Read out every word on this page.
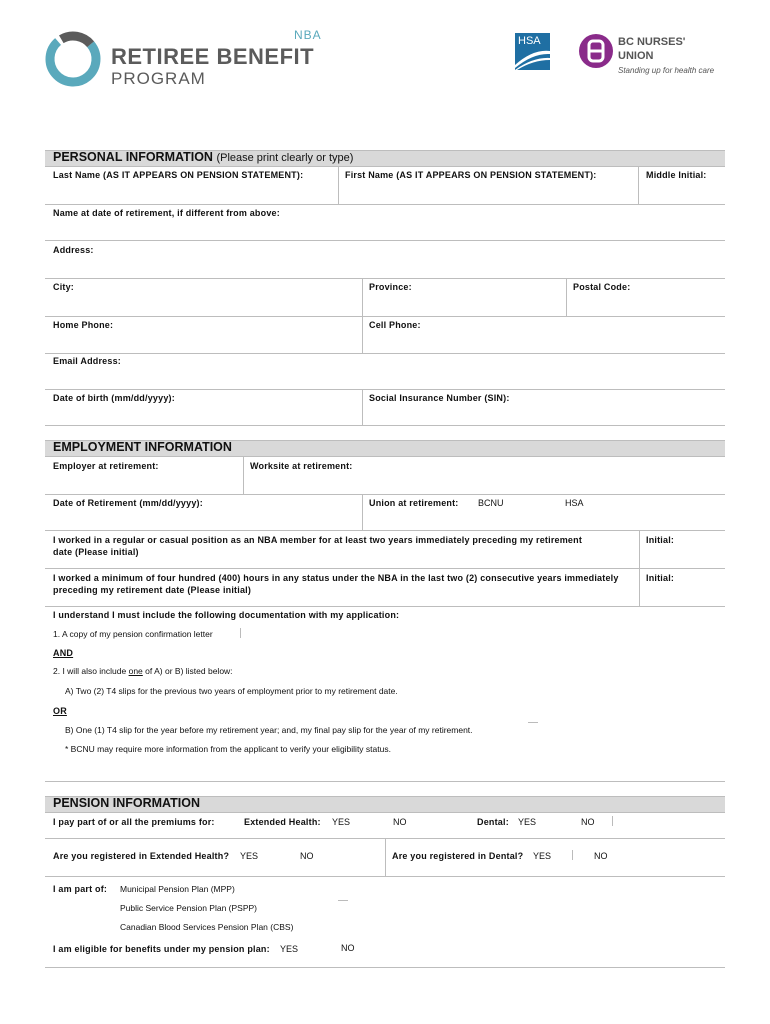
NBA
RETIREE BENEFIT
PROGRAM
HSA	BC NURSES'
UNION
Standing up for health care
PERSONAL INFORMATION (Please print clearly or type)
Last Name (AS IT APPEARS ON PENSION STATEMENT):	First Name (AS IT APPEARS ON PENSION STATEMENT):	Middle Initial:
Name at date of retirement, if different from above:
Address:
City:	Province:	Postal Code:
Home Phone:	Cell Phone:
Email Address:
Date of birth (mm/dd/yyyy):	Social Insurance Number (SIN):
EMPLOYMENT INFORMATION
Employer at retirement:	Worksite at retirement:
Date of Retirement (mm/dd/yyyy):	Union at retirement: BCNU	HSA
I worked in a regular or casual position as an NBA member for at least two years immediately preceding my retirement
date (Please initial)
Initial:
I worked a minimum of four hundred (400) hours in any status under the NBA in the last two (2) consecutive years immediately
preceding my retirement date (Please initial)
Initial:
I understand I must include the following documentation with my application:
1. A copy of my pension confirmation letter
AND
2. I will also include one of A) or B) listed below:
A) Two (2) T4 slips for the previous two years of employment prior to my retirement date.
OR
B) One (1) T4 slip for the year before my retirement year; and, my final pay slip for the year of my retirement.
* BCNU may require more information from the applicant to verify your eligibility status.
PENSION INFORMATION
I pay part of or all the premiums for:	Extended Health: YES	NO	Dental: YES	NO
Are you registered in Extended Health? YES	NO	Are you registered in Dental? YES	NO
I am part of: Municipal Pension Plan (MPP)
Public Service Pension Plan (PSPP)
Canadian Blood Services Pension Plan (CBS)
I am eligible for benefits under my pension plan: YES	NO
